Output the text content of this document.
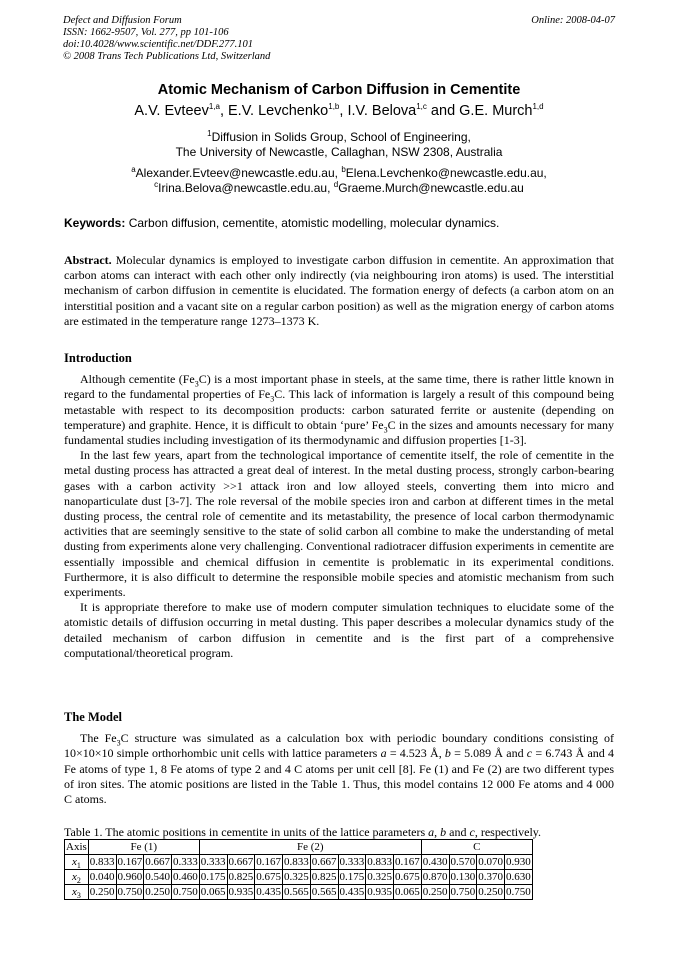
Defect and Diffusion Forum
ISSN: 1662-9507, Vol. 277, pp 101-106
doi:10.4028/www.scientific.net/DDF.277.101
© 2008 Trans Tech Publications Ltd, Switzerland
Online: 2008-04-07
Atomic Mechanism of Carbon Diffusion in Cementite
A.V. Evteev$^{1,a}$, E.V. Levchenko$^{1,b}$, I.V. Belova$^{1,c}$ and G.E. Murch$^{1,d}$
$^1$Diffusion in Solids Group, School of Engineering,
The University of Newcastle, Callaghan, NSW 2308, Australia
$^a$Alexander.Evteev@newcastle.edu.au, $^b$Elena.Levchenko@newcastle.edu.au,
$^c$Irina.Belova@newcastle.edu.au, $^d$Graeme.Murch@newcastle.edu.au
Keywords: Carbon diffusion, cementite, atomistic modelling, molecular dynamics.

Abstract. Molecular dynamics is employed to investigate carbon diffusion in cementite. An approximation that carbon atoms can interact with each other only indirectly (via neighbouring iron atoms) is used. The interstitial mechanism of carbon diffusion in cementite is elucidated. The formation energy of defects (a carbon atom on an interstitial position and a vacant site on a regular carbon position) as well as the migration energy of carbon atoms are estimated in the temperature range 1273–1373 K.

Introduction

Although cementite $(Fe_3C)$ is a most important phase in steels, at the same time, there is rather little known in regard to the fundamental properties of $Fe_3C$. This lack of information is largely a result of this compound being metastable with respect to its decomposition products: carbon saturated ferrite or austenite (depending on temperature) and graphite. Hence, it is difficult to obtain ‘pure’ $Fe_3C$ in the sizes and amounts necessary for many fundamental studies including investigation of its thermodynamic and diffusion properties [1-3].

In the last few years, apart from the technological importance of cementite itself, the role of cementite in the metal dusting process has attracted a great deal of interest. In the metal dusting process, strongly carbon-bearing gases with a carbon activity >>1 attack iron and low alloyed steels, converting them into micro and nanoparticulate dust [3-7]. The role reversal of the mobile species iron and carbon at different times in the metal dusting process, the central role of cementite and its metastability, the presence of local carbon thermodynamic activities that are seemingly sensitive to the state of solid carbon all combine to make the understanding of metal dusting from experiments alone very challenging. Conventional radiotracer diffusion experiments in cementite are essentially impossible and chemical diffusion in cementite is problematic in its experimental conditions. Furthermore, it is also difficult to determine the responsible mobile species and atomistic mechanism from such experiments.

It is appropriate therefore to make use of modern computer simulation techniques to elucidate some of the atomistic details of diffusion occurring in metal dusting. This paper describes a molecular dynamics study of the detailed mechanism of carbon diffusion in cementite and is the first part of a comprehensive computational/theoretical program.

The Model

The $Fe_3C$ structure was simulated as a calculation box with periodic boundary conditions consisting of 10×10×10 simple orthorhombic unit cells with lattice parameters a = 4.523 Å, b = 5.089 Å and c = 6.743 Å and 4 Fe atoms of type 1, 8 Fe atoms of type 2 and 4 C atoms per unit cell [8]. Fe (1) and Fe (2) are two different types of iron sites. The atomic positions are listed in the Table 1. Thus, this model contains 12 000 Fe atoms and 4 000 C atoms.

Table 1. The atomic positions in cementite in units of the lattice parameters a, b and c, respectively.
Axis	Fe (1)				Fe (2)								C			
$x_1$	0.833	0.167	0.667	0.333	0.333	0.667	0.167	0.833	0.667	0.333	0.833	0.167	0.430	0.570	0.070	0.930
$x_2$	0.040	0.960	0.540	0.460	0.175	0.825	0.675	0.325	0.825	0.175	0.325	0.675	0.870	0.130	0.370	0.630
$x_3$	0.250	0.750	0.250	0.750	0.065	0.935	0.435	0.565	0.565	0.435	0.935	0.065	0.250	0.750	0.250	0.750
